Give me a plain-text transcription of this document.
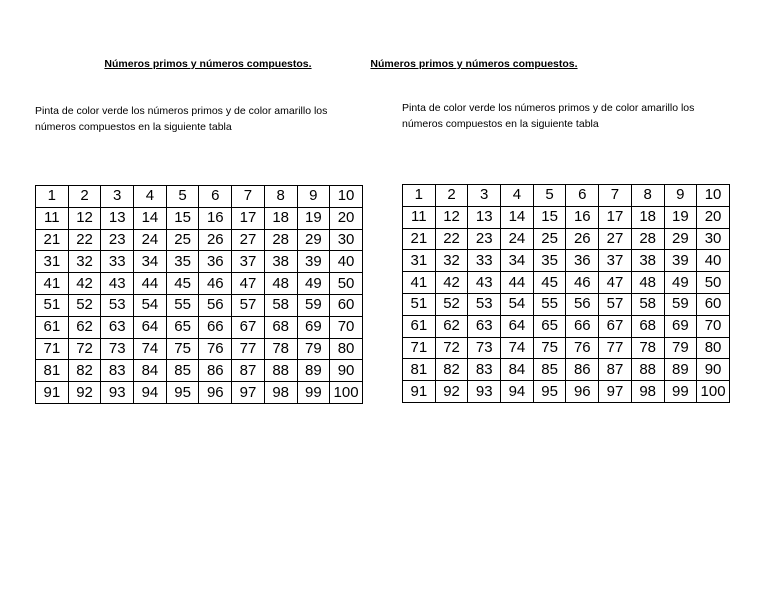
Números primos y números compuestos.
Pinta de color verde los números primos y de color amarillo los números compuestos en la siguiente tabla
1	2	3	4	5	6	7	8	9	10
11	12	13	14	15	16	17	18	19	20
21	22	23	24	25	26	27	28	29	30
31	32	33	34	35	36	37	38	39	40
41	42	43	44	45	46	47	48	49	50
51	52	53	54	55	56	57	58	59	60
61	62	63	64	65	66	67	68	69	70
71	72	73	74	75	76	77	78	79	80
81	82	83	84	85	86	87	88	89	90
91	92	93	94	95	96	97	98	99	100
Números primos y números compuestos.
Pinta de color verde los números primos y de color amarillo los números compuestos en la siguiente tabla
1	2	3	4	5	6	7	8	9	10
11	12	13	14	15	16	17	18	19	20
21	22	23	24	25	26	27	28	29	30
31	32	33	34	35	36	37	38	39	40
41	42	43	44	45	46	47	48	49	50
51	52	53	54	55	56	57	58	59	60
61	62	63	64	65	66	67	68	69	70
71	72	73	74	75	76	77	78	79	80
81	82	83	84	85	86	87	88	89	90
91	92	93	94	95	96	97	98	99	100
